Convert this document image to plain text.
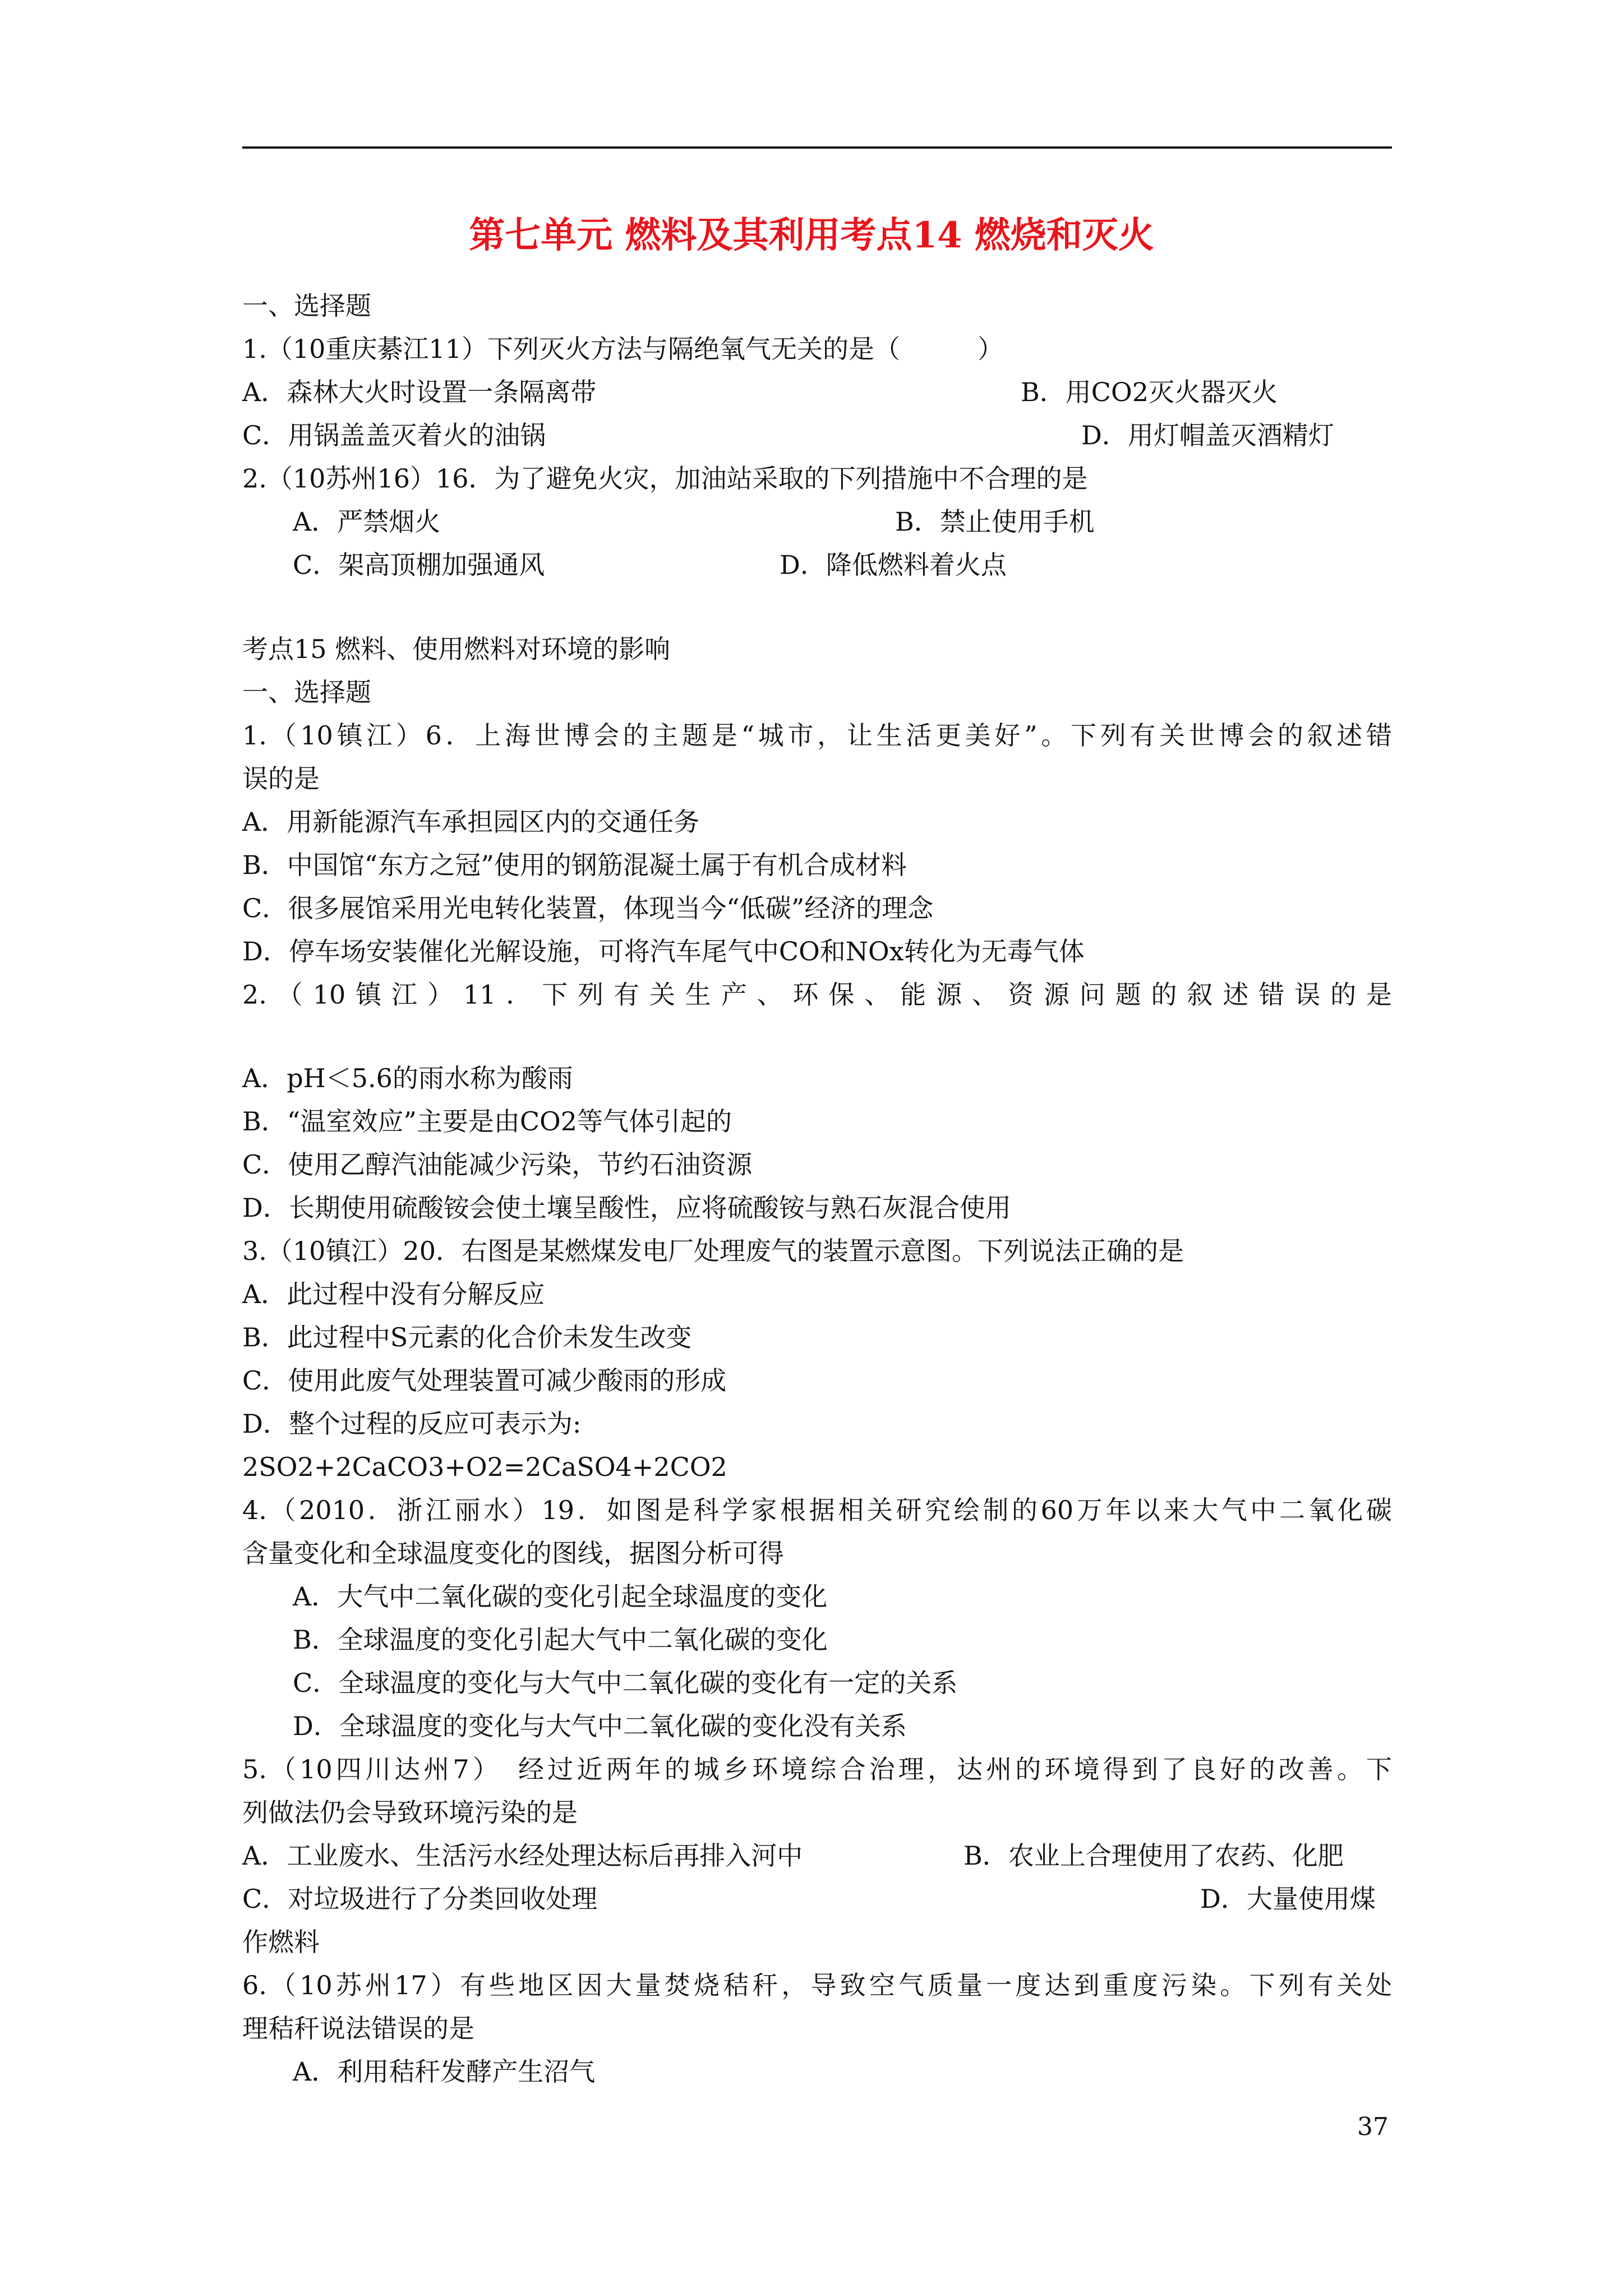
第七单元 燃料及其利用考点14 燃烧和灭火
一、选择题
1.（10重庆綦江11）下列灭火方法与隔绝氧气无关的是（　　　）
A．森林大火时设置一条隔离带	B．用CO2灭火器灭火
C．用锅盖盖灭着火的油锅	D．用灯帽盖灭酒精灯
2.（10苏州16）16．为了避免火灾，加油站采取的下列措施中不合理的是
A．严禁烟火	B．禁止使用手机
C．架高顶棚加强通风	D．降低燃料着火点
考点15 燃料、使用燃料对环境的影响
一、选择题
1.（10镇江）6．上海世博会的主题是“城市，让生活更美好”。下列有关世博会的叙述错
误的是
A．用新能源汽车承担园区内的交通任务
B．中国馆“东方之冠”使用的钢筋混凝土属于有机合成材料
C．很多展馆采用光电转化装置，体现当今“低碳”经济的理念
D．停车场安装催化光解设施，可将汽车尾气中CO和NOx转化为无毒气体
2.（10镇江）11．下列有关生产、环保、能源、资源问题的叙述错误的是
A．pH＜5.6的雨水称为酸雨
B．“温室效应”主要是由CO2等气体引起的
C．使用乙醇汽油能减少污染，节约石油资源
D．长期使用硫酸铵会使土壤呈酸性，应将硫酸铵与熟石灰混合使用
3.（10镇江）20．右图是某燃煤发电厂处理废气的装置示意图。下列说法正确的是
A．此过程中没有分解反应
B．此过程中S元素的化合价未发生改变
C．使用此废气处理装置可减少酸雨的形成
D．整个过程的反应可表示为:
2SO2+2CaCO3+O2=2CaSO4+2CO2
4.（2010．浙江丽水）19．如图是科学家根据相关研究绘制的60万年以来大气中二氧化碳
含量变化和全球温度变化的图线，据图分析可得
A．大气中二氧化碳的变化引起全球温度的变化
B．全球温度的变化引起大气中二氧化碳的变化
C．全球温度的变化与大气中二氧化碳的变化有一定的关系
D．全球温度的变化与大气中二氧化碳的变化没有关系
5.（10四川达州7）　经过近两年的城乡环境综合治理，达州的环境得到了良好的改善。下
列做法仍会导致环境污染的是
A．工业废水、生活污水经处理达标后再排入河中	B．农业上合理使用了农药、化肥
C．对垃圾进行了分类回收处理	D．大量使用煤
作燃料
6.（10苏州17）有些地区因大量焚烧秸秆，导致空气质量一度达到重度污染。下列有关处
理秸秆说法错误的是
A．利用秸秆发酵产生沼气
37
